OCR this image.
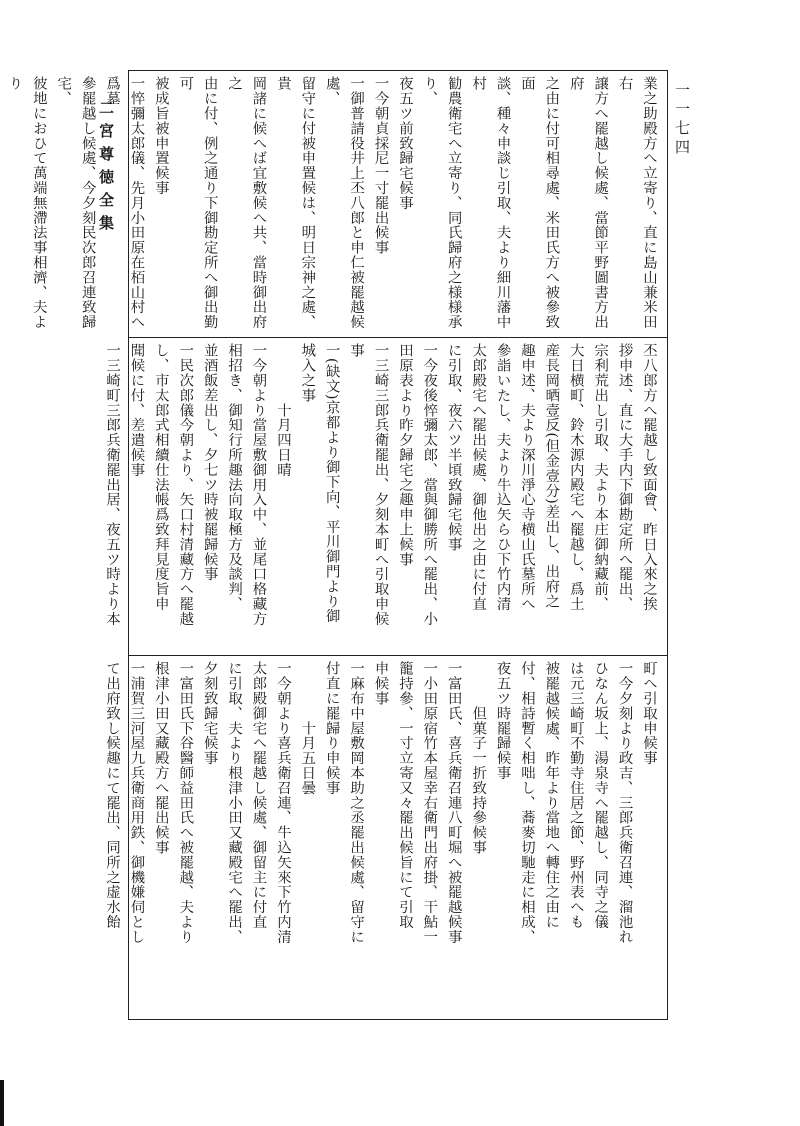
二宮尊徳全集	一一七四
業之助殿方へ立寄り、直に島山兼米田右
譲方へ罷越し候處、當節平野圖書方出府
之由に付可相尋處、米田氏方へ被參致面
談、種々申談じ引取、夫より細川藩中村
勧農衛宅へ立寄り、同氏歸府之様様承り、
夜五ツ前致歸宅候事
一今朝貞採尼一寸罷出候事
一御普請役井上丕八郎と申仁被罷越候處、
留守に付被申置候は、明日宗神之處、貴
岡諸に候へば宜敷候へ共、當時御出府之
由に付、例之通り下御勘定所へ御出勤可
被成旨被申置候事
一悴彌太郎儀、先月小田原在栢山村へ爲墓
參罷越し候處、今夕刻民次郎召連致歸宅、
彼地におひて萬端無滯法事相濟、夫より

丕八郎方へ罷越し致面會、昨日入來之挨
拶申述、直に大手内下御勘定所へ罷出、
宗利荒出し引取、夫より本庄御納藏前、
大日横町、鈴木源内殿宅へ罷越し、爲土
産長岡晒壹反(但金壹分)差出し、出府之
趣申述、夫より深川淨心寺横山氏墓所へ
參詣いたし、夫より牛込矢らひ下竹内清
太郎殿宅へ罷出候處、御他出之由に付直
に引取、夜六ツ半頃致歸宅候事
一今夜後悴彌太郎、當與御勝所へ罷出、小
田原表より昨夕歸宅之趣申上候事
一三崎三郎兵衛罷出、夕刻本町へ引取申候
事
一(缺文)京都より御下向、平川御門より御
城入之事
　　　　十月四日晴
一今朝より當屋敷御用入中、並尾口格藏方
相招き、御知行所趣法向取極方及談判、
並酒飯差出し、夕七ツ時被罷歸候事
一民次郎儀今朝より、矢口村清藏方へ罷越
し、市太郎式相續仕法帳爲致拜見度旨申
聞候に付、差遣候事
一三崎町三郎兵衛罷出居、夜五ツ時より本
町へ引取申候事
一今夕刻より政吉、三郎兵衛召連、溜池れ
ひなん坂上、湯泉寺へ罷越し、同寺之儀
は元三崎町不勤寺住居之節、野州表へも
被罷越候處、昨年より當地へ轉住之由に
付、相詩暫く相咄し、蕎麥切馳走に相成、
夜五ツ時罷歸候事
　　　但菓子一折致持參候事
一富田氏、喜兵衛召連八町堀へ被罷越候事
一小田原宿竹本屋幸右衛門出府掛、干鮎一
籠持參、一寸立寄又々罷出候旨にて引取
申候事
一麻布中屋敷岡本助之丞罷出候處、留守に
付直に罷歸り申候事
　　　　十月五日曇
一今朝より喜兵衛召連、牛込矢來下竹内清
太郎殿御宅へ罷越し候處、御留主に付直
に引取、夫より根津小田又藏殿宅へ罷出、
夕刻致歸宅候事
一富田氏下谷醫師益田氏へ被罷越、夫より
根津小田又藏殿方へ罷出候事
一浦賀三河屋九兵衛商用鉄、御機嫌伺とし
て出府致し候趣にて罷出、同所之虚水飴
